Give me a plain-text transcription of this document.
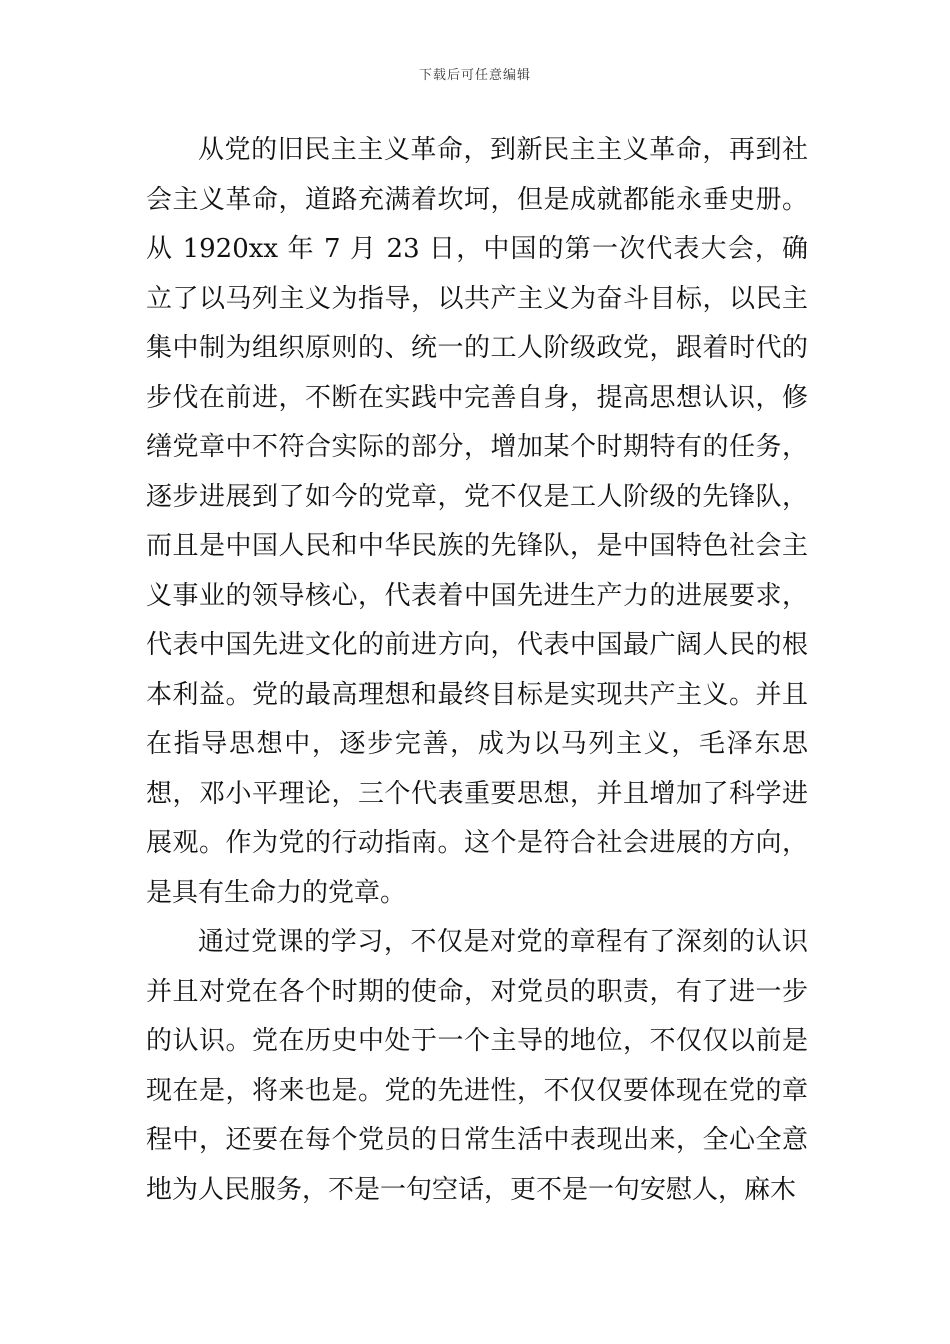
下载后可任意编辑

从党的旧民主主义革命，到新民主主义革命，再到社会主义革命，道路充满着坎坷，但是成就都能永垂史册。从 1920xx 年 7 月 23 日，中国的第一次代表大会，确立了以马列主义为指导，以共产主义为奋斗目标，以民主集中制为组织原则的、统一的工人阶级政党，跟着时代的步伐在前进，不断在实践中完善自身，提高思想认识，修缮党章中不符合实际的部分，增加某个时期特有的任务，逐步进展到了如今的党章，党不仅是工人阶级的先锋队，而且是中国人民和中华民族的先锋队，是中国特色社会主义事业的领导核心，代表着中国先进生产力的进展要求，代表中国先进文化的前进方向，代表中国最广阔人民的根本利益。党的最高理想和最终目标是实现共产主义。并且在指导思想中，逐步完善，成为以马列主义，毛泽东思想，邓小平理论，三个代表重要思想，并且增加了科学进展观。作为党的行动指南。这个是符合社会进展的方向，是具有生命力的党章。

通过党课的学习，不仅是对党的章程有了深刻的认识并且对党在各个时期的使命，对党员的职责，有了进一步的认识。党在历史中处于一个主导的地位，不仅仅以前是现在是，将来也是。党的先进性，不仅仅要体现在党的章程中，还要在每个党员的日常生活中表现出来，全心全意地为人民服务，不是一句空话，更不是一句安慰人，麻木
